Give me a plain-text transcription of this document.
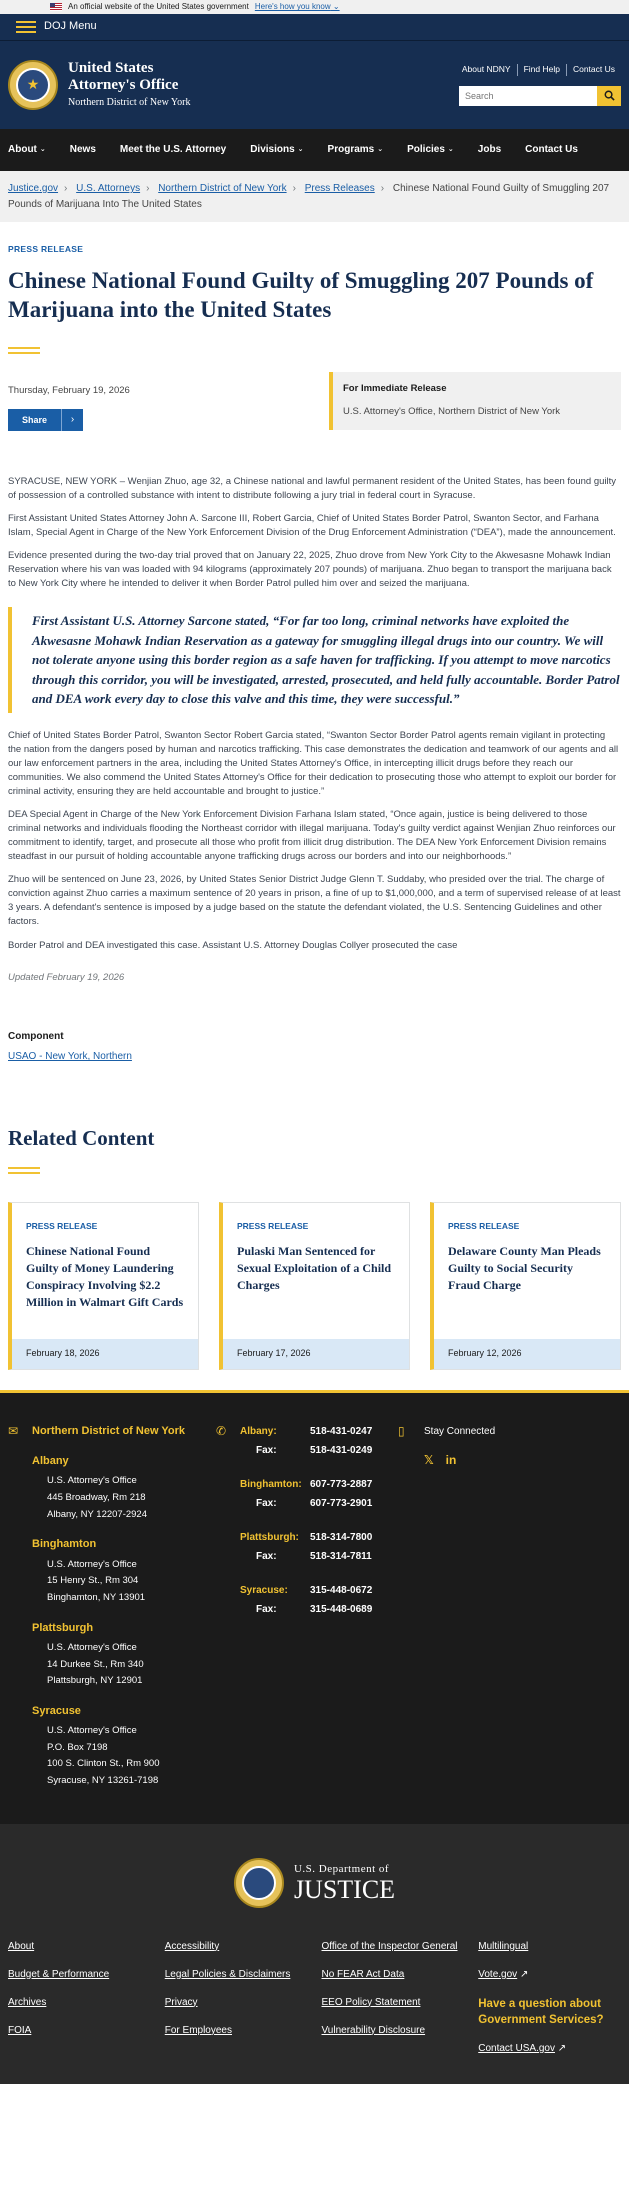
An official website of the United States government Here's how you know ⌄
DOJ Menu
★
United States
Attorney's Office
Northern District of New York
About NDNY	Find Help	Contact Us
Search
About ⌄ News Meet the U.S. Attorney Divisions ⌄ Programs ⌄ Policies ⌄ Jobs Contact Us
Justice.gov › U.S. Attorneys › Northern District of New York › Press Releases › Chinese National Found Guilty of Smuggling 207 Pounds of Marijuana Into The United States
PRESS RELEASE
Chinese National Found Guilty of Smuggling 207 Pounds of Marijuana into the United States
Thursday, February 19, 2026
Share	›
For Immediate Release
U.S. Attorney's Office, Northern District of New York

SYRACUSE, NEW YORK – Wenjian Zhuo, age 32, a Chinese national and lawful permanent resident of the United States, has been found guilty of possession of a controlled substance with intent to distribute following a jury trial in federal court in Syracuse.

First Assistant United States Attorney John A. Sarcone III, Robert Garcia, Chief of United States Border Patrol, Swanton Sector, and Farhana Islam, Special Agent in Charge of the New York Enforcement Division of the Drug Enforcement Administration (“DEA”), made the announcement.

Evidence presented during the two-day trial proved that on January 22, 2025, Zhuo drove from New York City to the Akwesasne Mohawk Indian Reservation where his van was loaded with 94 kilograms (approximately 207 pounds) of marijuana. Zhuo began to transport the marijuana back to New York City where he intended to deliver it when Border Patrol pulled him over and seized the marijuana.

First Assistant U.S. Attorney Sarcone stated, “For far too long, criminal networks have exploited the Akwesasne Mohawk Indian Reservation as a gateway for smuggling illegal drugs into our country. We will not tolerate anyone using this border region as a safe haven for trafficking. If you attempt to move narcotics through this corridor, you will be investigated, arrested, prosecuted, and held fully accountable. Border Patrol and DEA work every day to close this valve and this time, they were successful.”

Chief of United States Border Patrol, Swanton Sector Robert Garcia stated, “Swanton Sector Border Patrol agents remain vigilant in protecting the nation from the dangers posed by human and narcotics trafficking. This case demonstrates the dedication and teamwork of our agents and all our law enforcement partners in the area, including the United States Attorney's Office, in intercepting illicit drugs before they reach our communities. We also commend the United States Attorney's Office for their dedication to prosecuting those who attempt to exploit our border for criminal activity, ensuring they are held accountable and brought to justice.”

DEA Special Agent in Charge of the New York Enforcement Division Farhana Islam stated, “Once again, justice is being delivered to those criminal networks and individuals flooding the Northeast corridor with illegal marijuana. Today's guilty verdict against Wenjian Zhuo reinforces our commitment to identify, target, and prosecute all those who profit from illicit drug distribution. The DEA New York Enforcement Division remains steadfast in our pursuit of holding accountable anyone trafficking drugs across our borders and into our neighborhoods.”

Zhuo will be sentenced on June 23, 2026, by United States Senior District Judge Glenn T. Suddaby, who presided over the trial. The charge of conviction against Zhuo carries a maximum sentence of 20 years in prison, a fine of up to $1,000,000, and a term of supervised release of at least 3 years. A defendant's sentence is imposed by a judge based on the statute the defendant violated, the U.S. Sentencing Guidelines and other factors.

Border Patrol and DEA investigated this case. Assistant U.S. Attorney Douglas Collyer prosecuted the case

Updated February 19, 2026
Component
USAO - New York, Northern
Related Content
PRESS RELEASE
Chinese National Found Guilty of Money Laundering Conspiracy Involving $2.2 Million in Walmart Gift Cards
February 18, 2026
PRESS RELEASE
Pulaski Man Sentenced for Sexual Exploitation of a Child Charges
February 17, 2026
PRESS RELEASE
Delaware County Man Pleads Guilty to Social Security Fraud Charge
February 12, 2026
✉	Northern District of New York
Albany
U.S. Attorney's Office
445 Broadway, Rm 218
Albany, NY 12207-2924
Binghamton
U.S. Attorney's Office
15 Henry St., Rm 304
Binghamton, NY 13901
Plattsburgh
U.S. Attorney's Office
14 Durkee St., Rm 340
Plattsburgh, NY 12901
Syracuse
U.S. Attorney's Office
P.O. Box 7198
100 S. Clinton St., Rm 900
Syracuse, NY 13261-7198
✆	Albany:	518-431-0247
Fax:	518-431-0249
Binghamton: 607-773-2887
Fax:	607-773-2901
Plattsburgh:	518-314-7800
Fax:	518-314-7811
Syracuse:	315-448-0672
Fax:	315-448-0689
▯	Stay Connected
𝕏 in
U.S. Department of
JUSTICE
About
Budget & Performance
Archives
FOIA
Accessibility
Legal Policies & Disclaimers
Privacy
For Employees
Office of the Inspector General
No FEAR Act Data
EEO Policy Statement
Vulnerability Disclosure
Multilingual
Vote.gov ↗
Have a question about Government Services?
Contact USA.gov ↗
